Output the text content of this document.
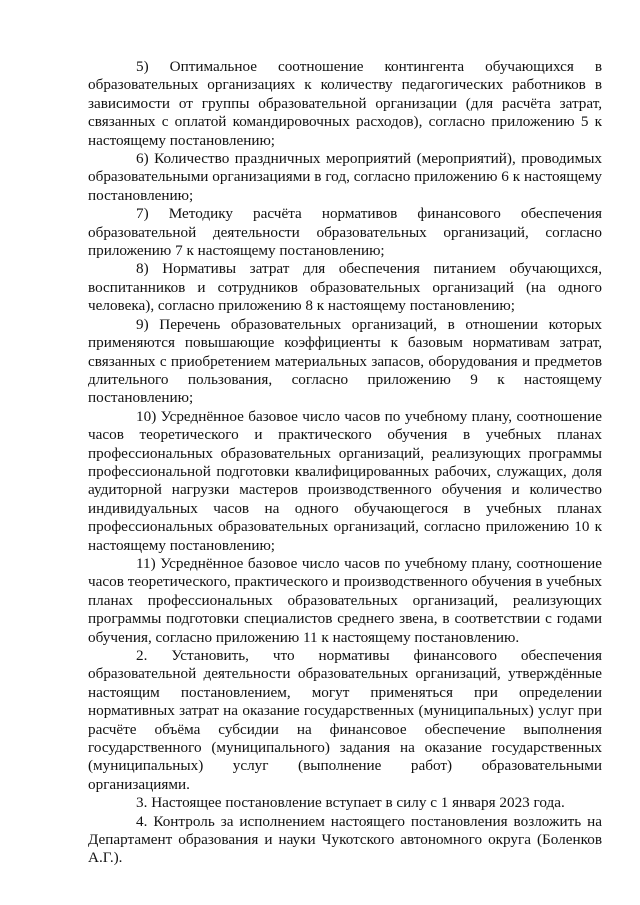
5) Оптимальное соотношение контингента обучающихся в образовательных организациях к количеству педагогических работников в зависимости от группы образовательной организации (для расчёта затрат, связанных с оплатой командировочных расходов), согласно приложению 5 к настоящему постановлению;

6) Количество праздничных мероприятий (мероприятий), проводимых образовательными организациями в год, согласно приложению 6 к настоящему постановлению;

7) Методику расчёта нормативов финансового обеспечения образовательной деятельности образовательных организаций, согласно приложению 7 к настоящему постановлению;

8) Нормативы затрат для обеспечения питанием обучающихся, воспитанников и сотрудников образовательных организаций (на одного человека), согласно приложению 8 к настоящему постановлению;

9) Перечень образовательных организаций, в отношении которых применяются повышающие коэффициенты к базовым нормативам затрат, связанных с приобретением материальных запасов, оборудования и предметов длительного пользования, согласно приложению 9 к настоящему постановлению;

10) Усреднённое базовое число часов по учебному плану, соотношение часов теоретического и практического обучения в учебных планах профессиональных образовательных организаций, реализующих программы профессиональной подготовки квалифицированных рабочих, служащих, доля аудиторной нагрузки мастеров производственного обучения и количество индивидуальных часов на одного обучающегося в учебных планах профессиональных образовательных организаций, согласно приложению 10 к настоящему постановлению;

11) Усреднённое базовое число часов по учебному плану, соотношение часов теоретического, практического и производственного обучения в учебных планах профессиональных образовательных организаций, реализующих программы подготовки специалистов среднего звена, в соответствии с годами обучения, согласно приложению 11 к настоящему постановлению.

2. Установить, что нормативы финансового обеспечения образовательной деятельности образовательных организаций, утверждённые настоящим постановлением, могут применяться при определении нормативных затрат на оказание государственных (муниципальных) услуг при расчёте объёма субсидии на финансовое обеспечение выполнения государственного (муниципального) задания на оказание государственных (муниципальных) услуг (выполнение работ) образовательными организациями.

3. Настоящее постановление вступает в силу с 1 января 2023 года.

4. Контроль за исполнением настоящего постановления возложить на Департамент образования и науки Чукотского автономного округа (Боленков А.Г.).
